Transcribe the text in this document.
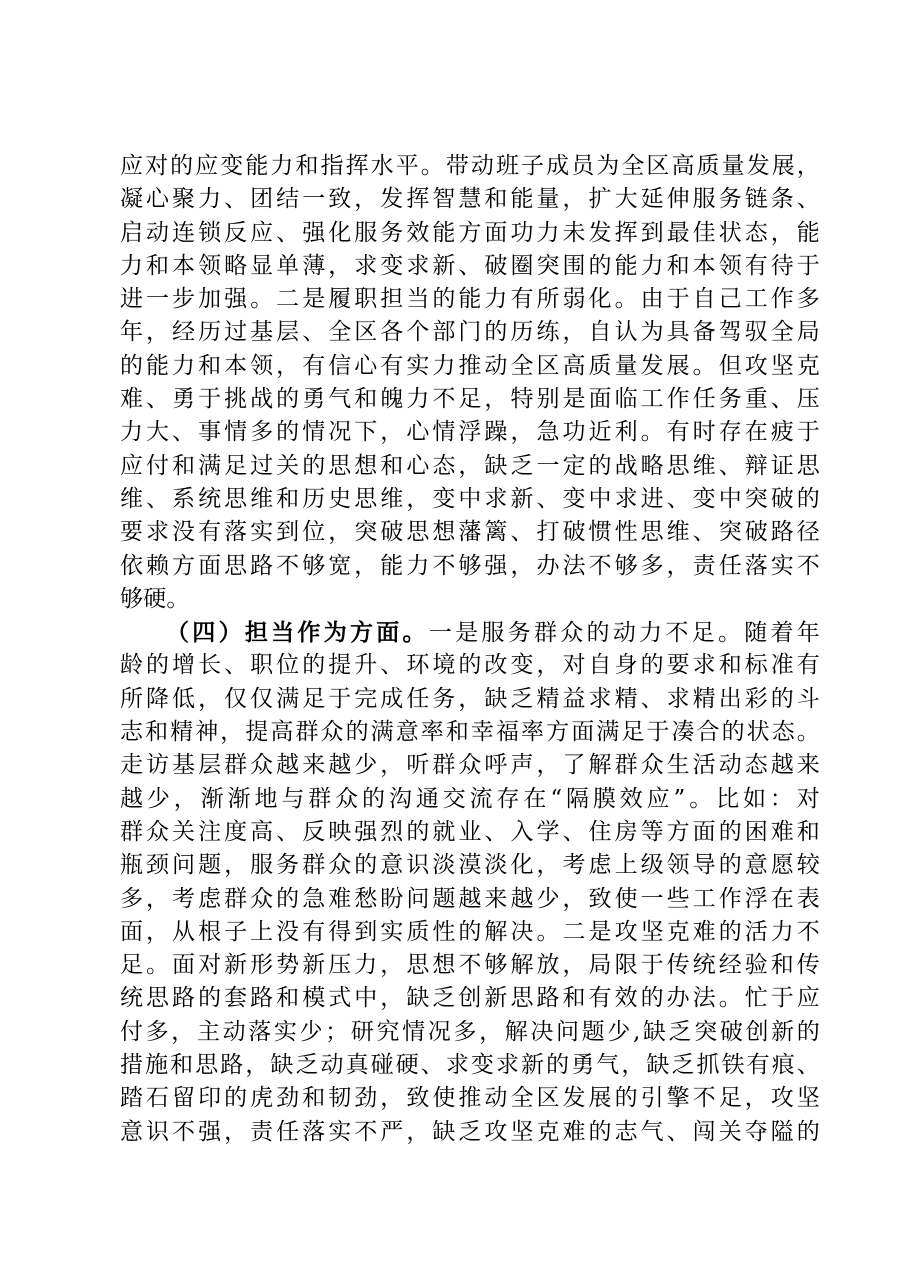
应对的应变能力和指挥水平。带动班子成员为全区高质量发展，
凝心聚力、团结一致，发挥智慧和能量，扩大延伸服务链条、
启动连锁反应、强化服务效能方面功力未发挥到最佳状态，能
力和本领略显单薄，求变求新、破圈突围的能力和本领有待于
进一步加强。二是履职担当的能力有所弱化。由于自己工作多
年，经历过基层、全区各个部门的历练，自认为具备驾驭全局
的能力和本领，有信心有实力推动全区高质量发展。但攻坚克
难、勇于挑战的勇气和魄力不足，特别是面临工作任务重、压
力大、事情多的情况下，心情浮躁，急功近利。有时存在疲于
应付和满足过关的思想和心态，缺乏一定的战略思维、辩证思
维、系统思维和历史思维，变中求新、变中求进、变中突破的
要求没有落实到位，突破思想藩篱、打破惯性思维、突破路径
依赖方面思路不够宽，能力不够强，办法不够多，责任落实不
够硬。
（四）担当作为方面。一是服务群众的动力不足。随着年
龄的增长、职位的提升、环境的改变，对自身的要求和标准有
所降低，仅仅满足于完成任务，缺乏精益求精、求精出彩的斗
志和精神，提高群众的满意率和幸福率方面满足于凑合的状态。
走访基层群众越来越少，听群众呼声，了解群众生活动态越来
越少，渐渐地与群众的沟通交流存在“隔膜效应”。比如：对
群众关注度高、反映强烈的就业、入学、住房等方面的困难和
瓶颈问题，服务群众的意识淡漠淡化，考虑上级领导的意愿较
多，考虑群众的急难愁盼问题越来越少，致使一些工作浮在表
面，从根子上没有得到实质性的解决。二是攻坚克难的活力不
足。面对新形势新压力，思想不够解放，局限于传统经验和传
统思路的套路和模式中，缺乏创新思路和有效的办法。忙于应
付多，主动落实少；研究情况多，解决问题少,缺乏突破创新的
措施和思路，缺乏动真碰硬、求变求新的勇气，缺乏抓铁有痕、
踏石留印的虎劲和韧劲，致使推动全区发展的引擎不足，攻坚
意识不强，责任落实不严，缺乏攻坚克难的志气、闯关夺隘的
